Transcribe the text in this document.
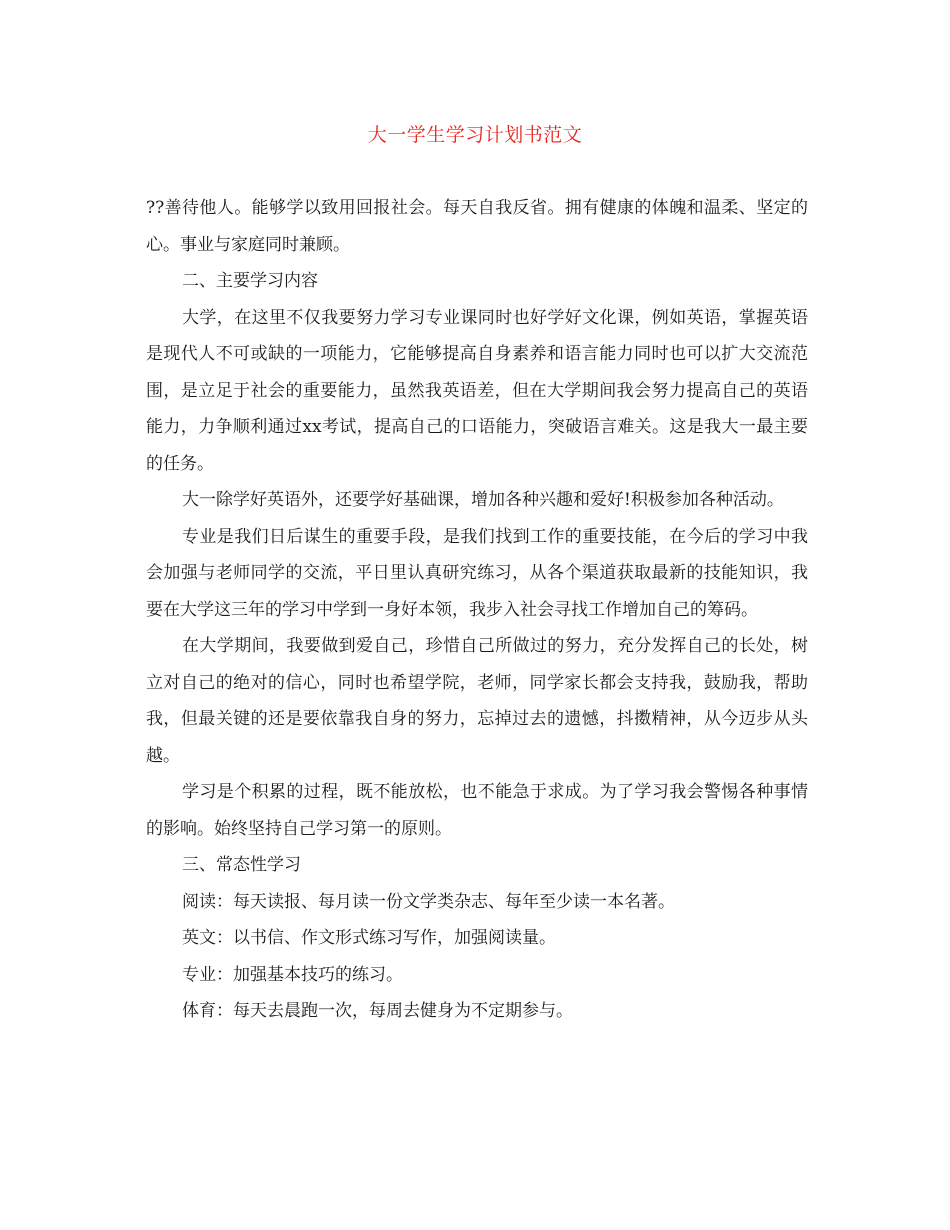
大一学生学习计划书范文

??善待他人。能够学以致用回报社会。每天自我反省。拥有健康的体魄和温柔、坚定的心。事业与家庭同时兼顾。

二、主要学习内容

大学，在这里不仅我要努力学习专业课同时也好学好文化课，例如英语，掌握英语是现代人不可或缺的一项能力，它能够提高自身素养和语言能力同时也可以扩大交流范围，是立足于社会的重要能力，虽然我英语差，但在大学期间我会努力提高自己的英语能力，力争顺利通过xx考试，提高自己的口语能力，突破语言难关。这是我大一最主要的任务。

大一除学好英语外，还要学好基础课，增加各种兴趣和爱好!积极参加各种活动。

专业是我们日后谋生的重要手段，是我们找到工作的重要技能，在今后的学习中我会加强与老师同学的交流，平日里认真研究练习，从各个渠道获取最新的技能知识，我要在大学这三年的学习中学到一身好本领，我步入社会寻找工作增加自己的筹码。

在大学期间，我要做到爱自己，珍惜自己所做过的努力，充分发挥自己的长处，树立对自己的绝对的信心，同时也希望学院，老师，同学家长都会支持我，鼓励我，帮助我，但最关键的还是要依靠我自身的努力，忘掉过去的遗憾，抖擞精神，从今迈步从头越。

学习是个积累的过程，既不能放松，也不能急于求成。为了学习我会警惕各种事情的影响。始终坚持自己学习第一的原则。

三、常态性学习

阅读：每天读报、每月读一份文学类杂志、每年至少读一本名著。

英文：以书信、作文形式练习写作，加强阅读量。

专业：加强基本技巧的练习。

体育：每天去晨跑一次，每周去健身为不定期参与。
